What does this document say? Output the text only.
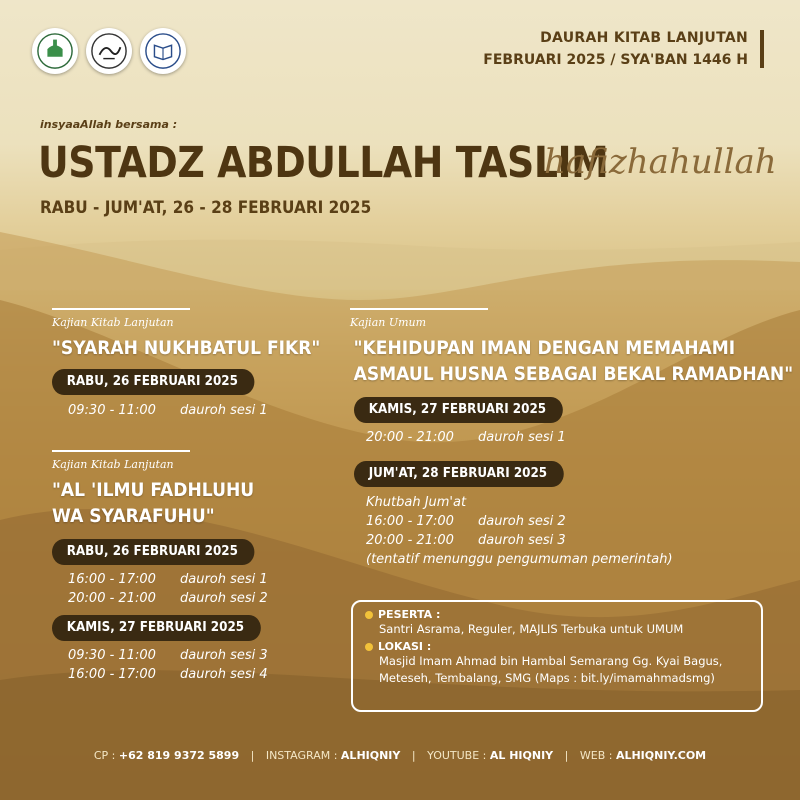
DAURAH KITAB LANJUTAN
FEBRUARI 2025 / SYA'BAN 1446 H
insyaaAllah bersama :
USTADZ ABDULLAH TASLIM
hafizhahullah
RABU - JUM'AT, 26 - 28 FEBRUARI 2025
Kajian Kitab Lanjutan
"SYARAH NUKHBATUL FIKR"
RABU, 26 FEBRUARI 2025
09:30 - 11:00	dauroh sesi 1
Kajian Kitab Lanjutan
"AL 'ILMU FADHLUHU
WA SYARAFUHU"
RABU, 26 FEBRUARI 2025
16:00 - 17:00	dauroh sesi 1
20:00 - 21:00	dauroh sesi 2
KAMIS, 27 FEBRUARI 2025
09:30 - 11:00	dauroh sesi 3
16:00 - 17:00	dauroh sesi 4
Kajian Umum
"KEHIDUPAN IMAN DENGAN MEMAHAMI
ASMAUL HUSNA SEBAGAI BEKAL RAMADHAN"
KAMIS, 27 FEBRUARI 2025
20:00 - 21:00	dauroh sesi 1
JUM'AT, 28 FEBRUARI 2025
Khutbah Jum'at
16:00 - 17:00	dauroh sesi 2
20:00 - 21:00	dauroh sesi 3
(tentatif menunggu pengumuman pemerintah)
PESERTA :
Santri Asrama, Reguler, MAJLIS Terbuka untuk UMUM
LOKASI :
Masjid Imam Ahmad bin Hambal Semarang Gg. Kyai Bagus,
Meteseh, Tembalang, SMG (Maps : bit.ly/imamahmadsmg)
CP : +62 819 9372 5899 | INSTAGRAM : ALHIQNIY | YOUTUBE : AL HIQNIY | WEB : ALHIQNIY.COM
